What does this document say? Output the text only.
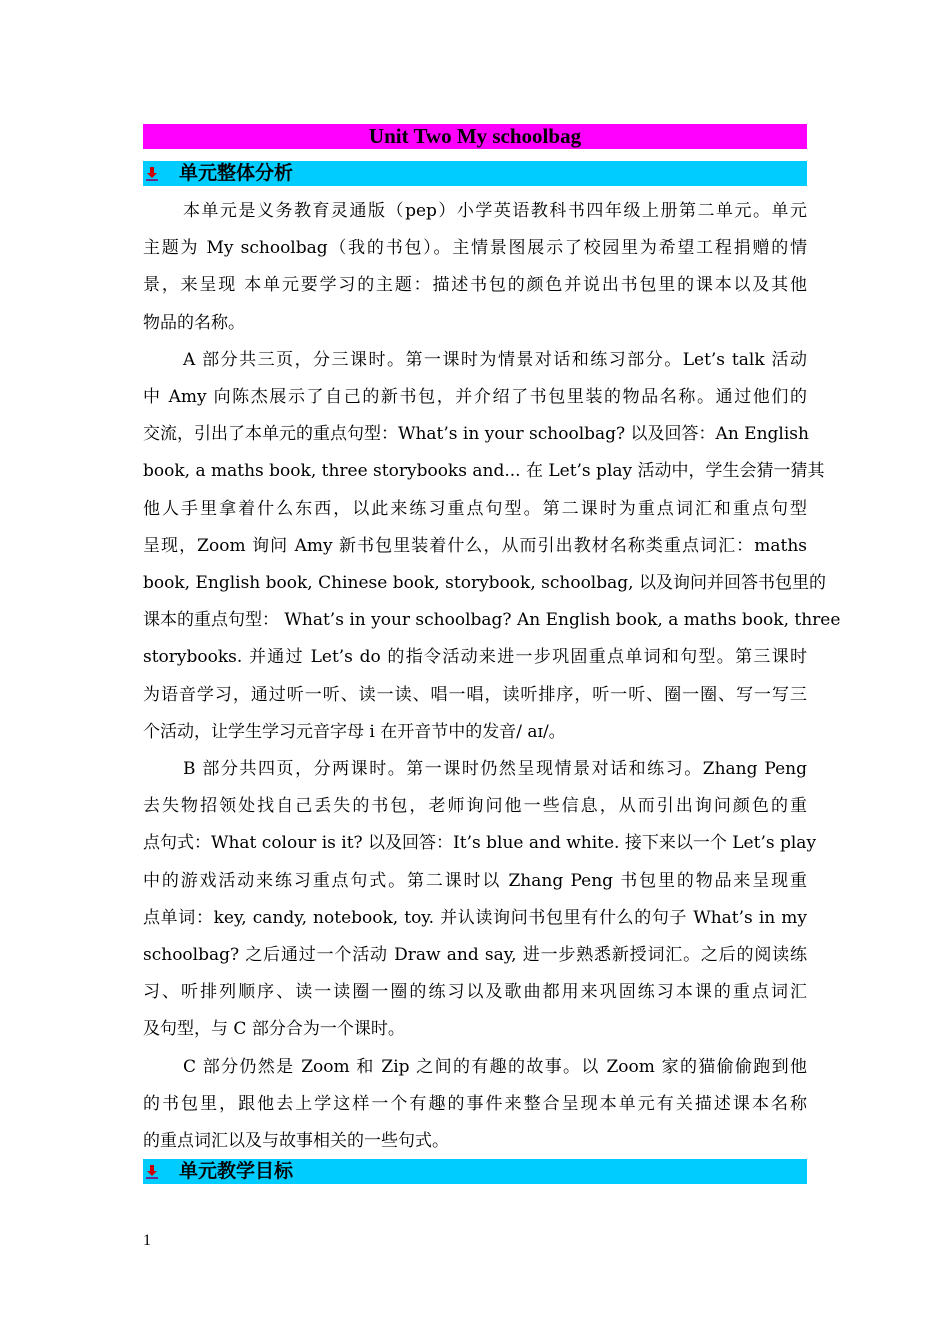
Unit Two My schoolbag
单元整体分析

本单元是义务教育灵通版（pep）小学英语教科书四年级上册第二单元。单元
主题为 My schoolbag（我的书包）。主情景图展示了校园里为希望工程捐赠的情
景，来呈现 本单元要学习的主题：描述书包的颜色并说出书包里的课本以及其他
物品的名称。

A 部分共三页，分三课时。第一课时为情景对话和练习部分。Let’s talk 活动
中 Amy 向陈杰展示了自己的新书包，并介绍了书包里装的物品名称。通过他们的
交流，引出了本单元的重点句型：What’s in your schoolbag? 以及回答：An English
book, a maths book, three storybooks and... 在 Let’s play 活动中，学生会猜一猜其
他人手里拿着什么东西，以此来练习重点句型。第二课时为重点词汇和重点句型
呈现，Zoom 询问 Amy 新书包里装着什么，从而引出教材名称类重点词汇：maths
book, English book, Chinese book, storybook, schoolbag, 以及询问并回答书包里的
课本的重点句型： What’s in your schoolbag? An English book, a maths book, three
storybooks. 并通过 Let’s do 的指令活动来进一步巩固重点单词和句型。第三课时
为语音学习，通过听一听、读一读、唱一唱，读听排序，听一听、圈一圈、写一写三
个活动，让学生学习元音字母 i 在开音节中的发音/ aɪ/。

B 部分共四页，分两课时。第一课时仍然呈现情景对话和练习。Zhang Peng
去失物招领处找自己丢失的书包，老师询问他一些信息，从而引出询问颜色的重
点句式：What colour is it? 以及回答：It’s blue and white. 接下来以一个 Let’s play
中的游戏活动来练习重点句式。第二课时以 Zhang Peng 书包里的物品来呈现重
点单词：key, candy, notebook, toy. 并认读询问书包里有什么的句子 What’s in my
schoolbag? 之后通过一个活动 Draw and say, 进一步熟悉新授词汇。之后的阅读练
习、听排列顺序、读一读圈一圈的练习以及歌曲都用来巩固练习本课的重点词汇
及句型，与 C 部分合为一个课时。

C 部分仍然是 Zoom 和 Zip 之间的有趣的故事。以 Zoom 家的猫偷偷跑到他
的书包里，跟他去上学这样一个有趣的事件来整合呈现本单元有关描述课本名称
的重点词汇以及与故事相关的一些句式。

单元教学目标
1
